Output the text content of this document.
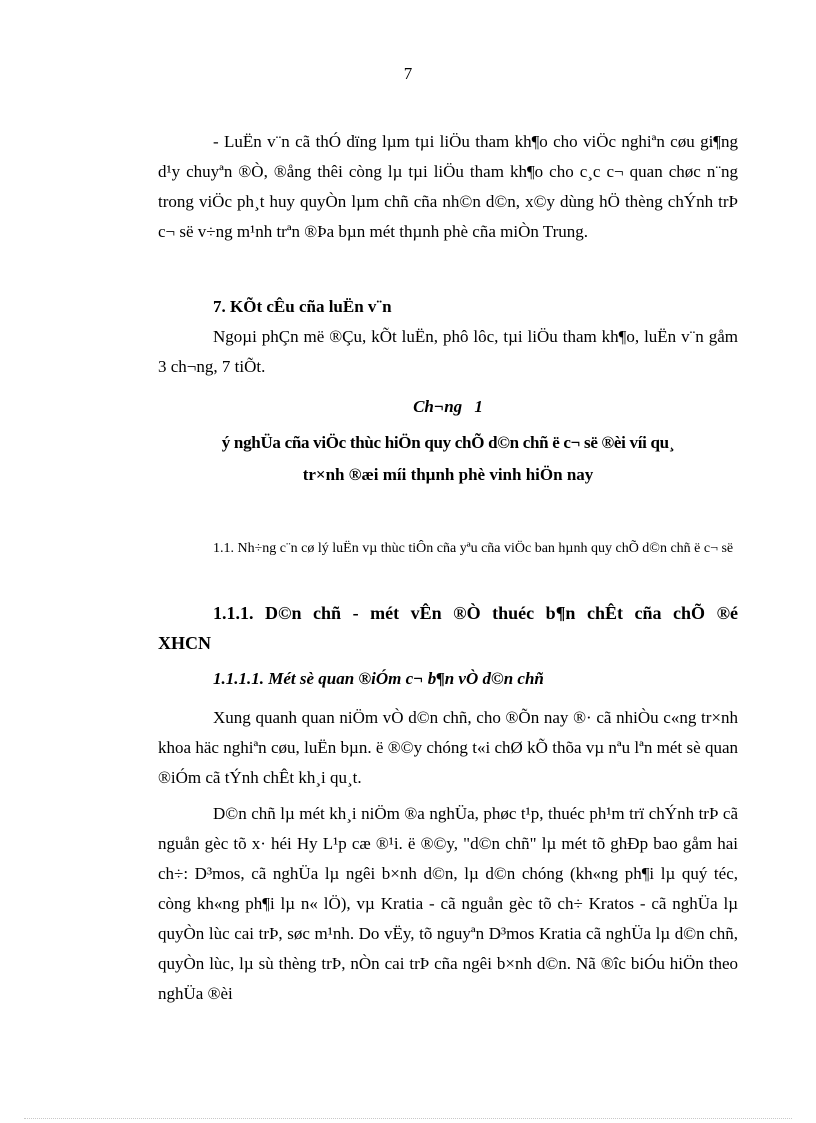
7

- LuËn v¨n cã thÓ dïng lµm tµi liÖu tham kh¶o cho viÖc nghiªn cøu gi¶ng d¹y chuyªn ®Ò, ®ång thêi còng lµ tµi liÖu tham kh¶o cho c¸c c¬ quan chøc n¨ng trong viÖc ph¸t huy quyÒn lµm chñ cña nh©n d©n, x©y dùng hÖ thèng chÝnh trÞ c¬ së v÷ng m¹nh trªn ®Þa bµn mét thµnh phè cña miÒn Trung.

7. KÕt cÊu cña luËn v¨n

Ngoµi phÇn më ®Çu, kÕt luËn, phô lôc, tµi liÖu tham kh¶o, luËn v¨n gåm 3 ch¬ng, 7 tiÕt.

Ch¬ng 1

ý nghÜa cña viÖc thùc hiÖn quy chÕ d©n chñ ë c¬ së ®èi víi qu¸

tr×nh ®æi míi thµnh phè vinh hiÖn nay

1.1. Nh÷ng c¨n cø lý luËn vµ thùc tiÔn cña yªu cña viÖc ban hµnh quy chÕ d©n chñ ë c¬ së

1.1.1. D©n chñ - mét vÊn ®Ò thuéc b¶n chÊt cña chÕ ®é XHCN

1.1.1.1. Mét sè quan ®iÓm c¬ b¶n vÒ d©n chñ

Xung quanh quan niÖm vÒ d©n chñ, cho ®Õn nay ®· cã nhiÒu c«ng tr×nh khoa häc nghiªn cøu, luËn bµn. ë ®©y chóng t«i chØ kÕ thõa vµ nªu lªn mét sè quan ®iÓm cã tÝnh chÊt kh¸i qu¸t.

D©n chñ lµ mét kh¸i niÖm ®a nghÜa, phøc t¹p, thuéc ph¹m trï chÝnh trÞ cã nguån gèc tõ x· héi Hy L¹p cæ ®¹i. ë ®©y, "d©n chñ" lµ mét tõ ghÐp bao gåm hai ch÷: D³mos, cã nghÜa lµ ngêi b×nh d©n, lµ d©n chóng (kh«ng ph¶i lµ quý téc, còng kh«ng ph¶i lµ n« lÖ), vµ Kratia - cã nguån gèc tõ ch÷ Kratos - cã nghÜa lµ quyÒn lùc cai trÞ, søc m¹nh. Do vËy, tõ nguyªn D³mos Kratia cã nghÜa lµ d©n chñ, quyÒn lùc, lµ sù thèng trÞ, nÒn cai trÞ cña ngêi b×nh d©n. Nã ®îc biÓu hiÖn theo nghÜa ®èi
